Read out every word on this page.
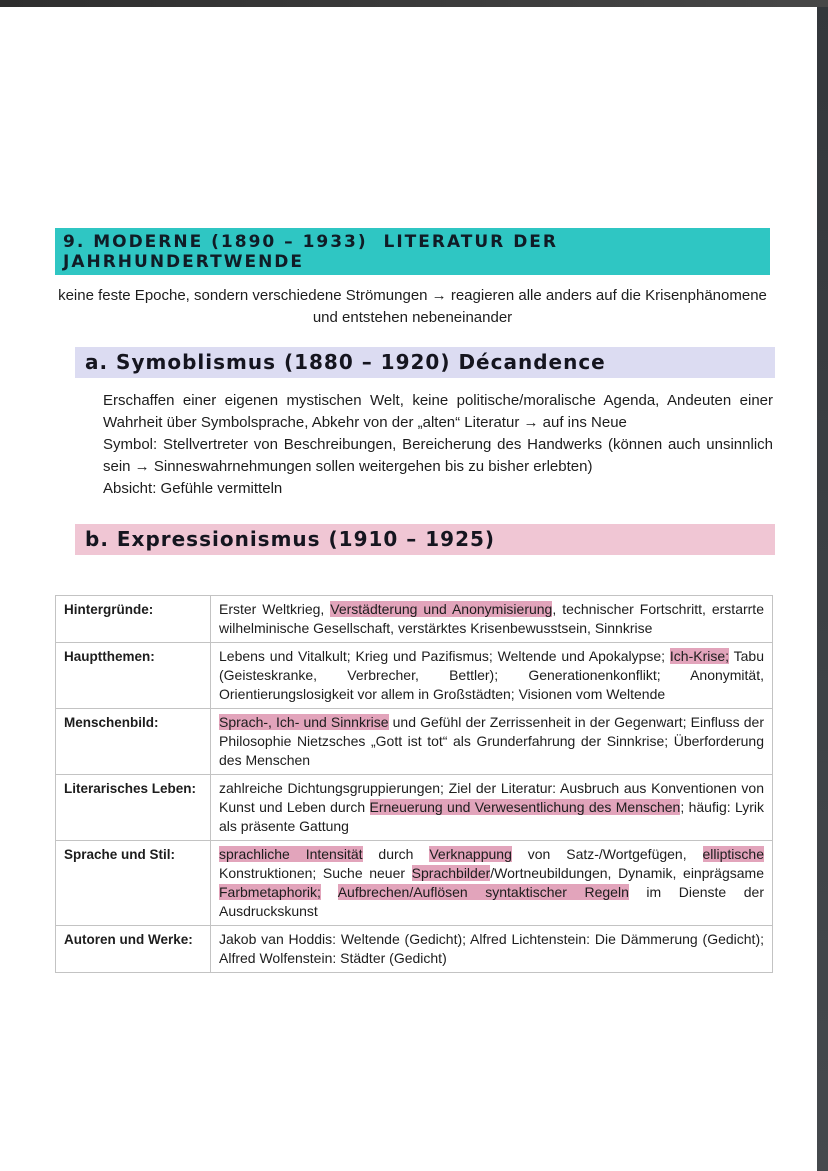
9. MODERNE (1890 – 1933)  LITERATUR DER JAHRHUNDERTWENDE

keine feste Epoche, sondern verschiedene Strömungen → reagieren alle anders auf die Krisenphänomene und entstehen nebeneinander

a. Symoblismus (1880 – 1920) Décandence

Erschaffen einer eigenen mystischen Welt, keine politische/moralische Agenda, Andeuten einer Wahrheit über Symbolsprache, Abkehr von der „alten“ Literatur → auf ins Neue

Symbol: Stellvertreter von Beschreibungen, Bereicherung des Handwerks (können auch unsinnlich sein → Sinneswahrnehmungen sollen weitergehen bis zu bisher erlebten)

Absicht: Gefühle vermitteln

b. Expressionismus (1910 – 1925)
Hintergründe:	Erster Weltkrieg, Verstädterung und Anonymisierung, technischer Fortschritt, erstarrte wilhelminische Gesellschaft, verstärktes Krisenbewusstsein, Sinnkrise
Hauptthemen:	Lebens und Vitalkult; Krieg und Pazifismus; Weltende und Apokalypse; Ich-Krise; Tabu (Geisteskranke, Verbrecher, Bettler); Generationenkonflikt; Anonymität, Orientierungslosigkeit vor allem in Großstädten; Visionen vom Weltende
Menschenbild:	Sprach-, Ich- und Sinnkrise und Gefühl der Zerrissenheit in der Gegenwart; Einfluss der Philosophie Nietzsches „Gott ist tot“ als Grunderfahrung der Sinnkrise; Überforderung des Menschen
Literarisches Leben:	zahlreiche Dichtungsgruppierungen; Ziel der Literatur: Ausbruch aus Konventionen von Kunst und Leben durch Erneuerung und Verwesentlichung des Menschen; häufig: Lyrik als präsente Gattung
Sprache und Stil:	sprachliche Intensität durch Verknappung von Satz-/Wortgefügen, elliptische Konstruktionen; Suche neuer Sprachbilder/Wortneubildungen, Dynamik, einprägsame Farbmetaphorik; Aufbrechen/Auflösen syntaktischer Regeln im Dienste der Ausdruckskunst
Autoren und Werke:	Jakob van Hoddis: Weltende (Gedicht); Alfred Lichtenstein: Die Dämmerung (Gedicht); Alfred Wolfenstein: Städter (Gedicht)
